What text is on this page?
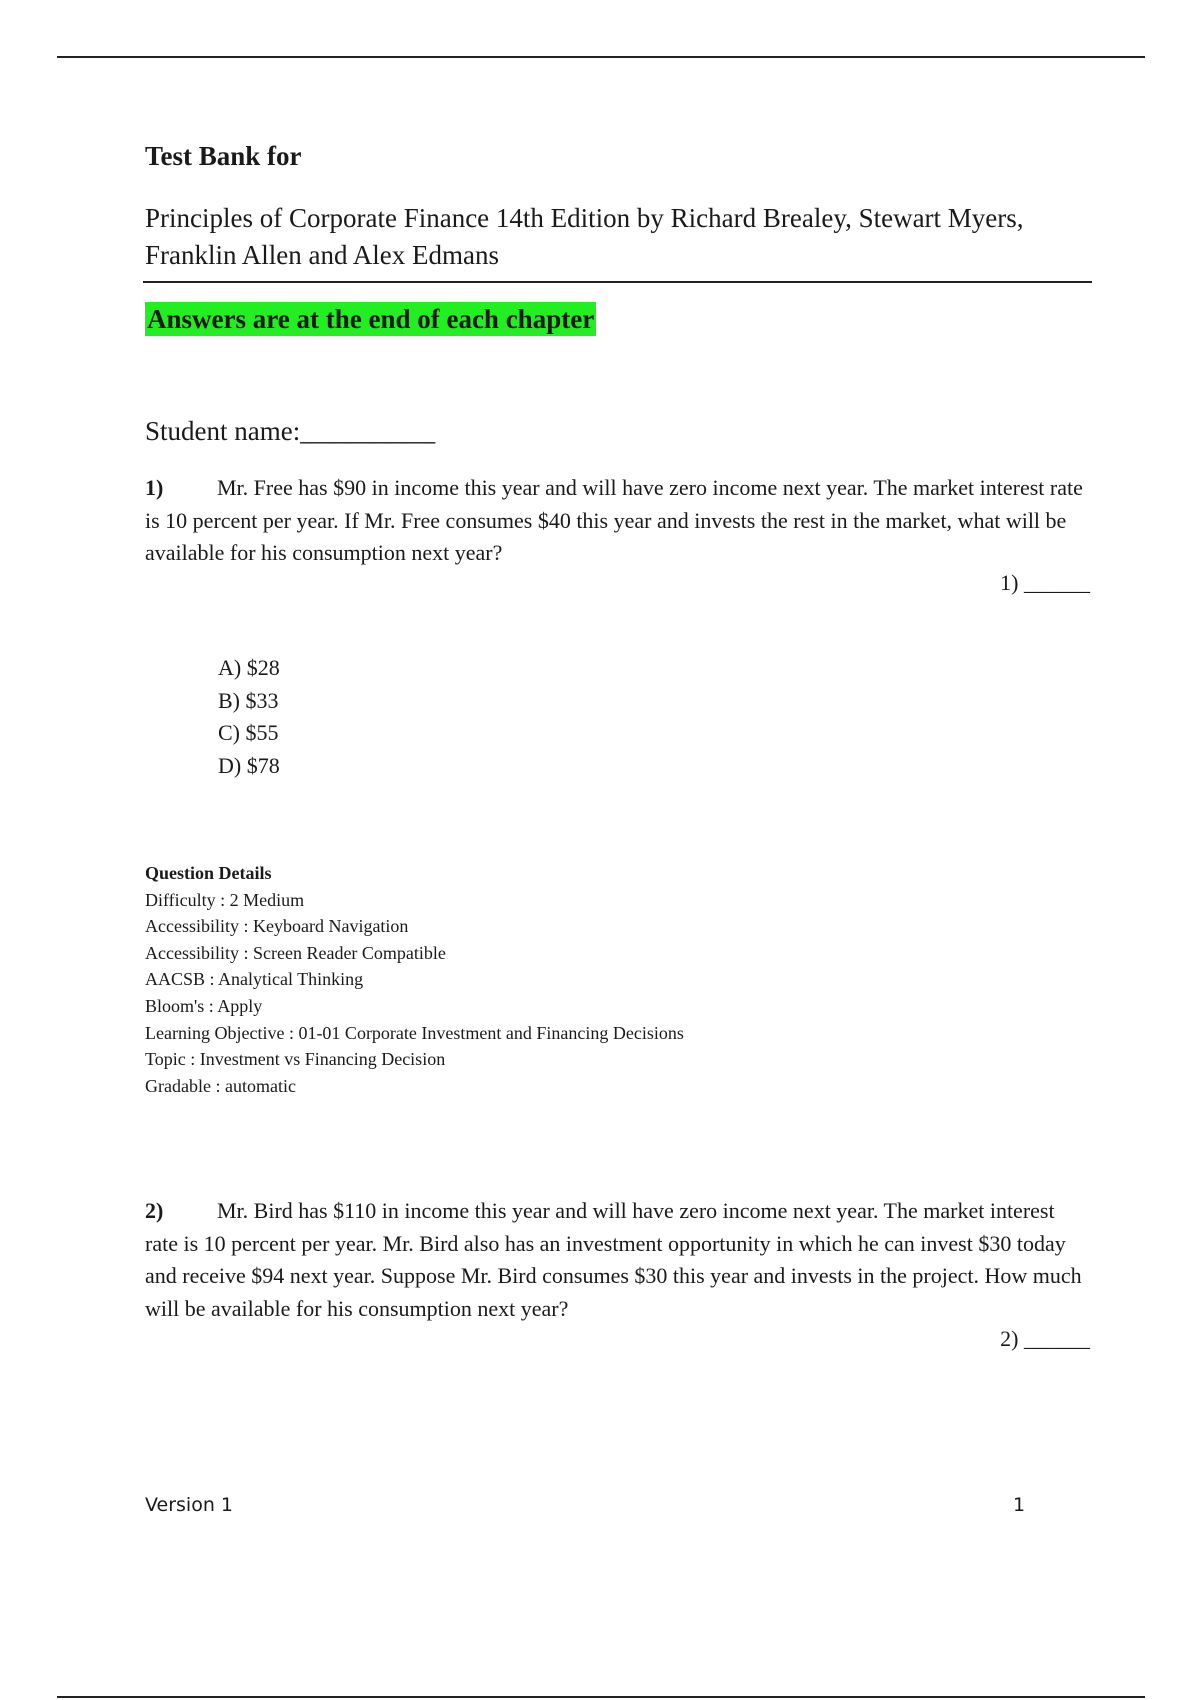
Test Bank for
Principles of Corporate Finance 14th Edition by Richard Brealey, Stewart Myers, Franklin Allen and Alex Edmans
Answers are at the end of each chapter
Student name:__________
1) Mr. Free has $90 in income this year and will have zero income next year. The market interest rate is 10 percent per year. If Mr. Free consumes $40 this year and invests the rest in the market, what will be available for his consumption next year?
1) ______
A) $28
B) $33
C) $55
D) $78
Question Details
Difficulty : 2 Medium
Accessibility : Keyboard Navigation
Accessibility : Screen Reader Compatible
AACSB : Analytical Thinking
Bloom's : Apply
Learning Objective : 01-01 Corporate Investment and Financing Decisions
Topic : Investment vs Financing Decision
Gradable : automatic
2) Mr. Bird has $110 in income this year and will have zero income next year. The market interest rate is 10 percent per year. Mr. Bird also has an investment opportunity in which he can invest $30 today and receive $94 next year. Suppose Mr. Bird consumes $30 this year and invests in the project. How much will be available for his consumption next year?
2) ______
Version 1	1
